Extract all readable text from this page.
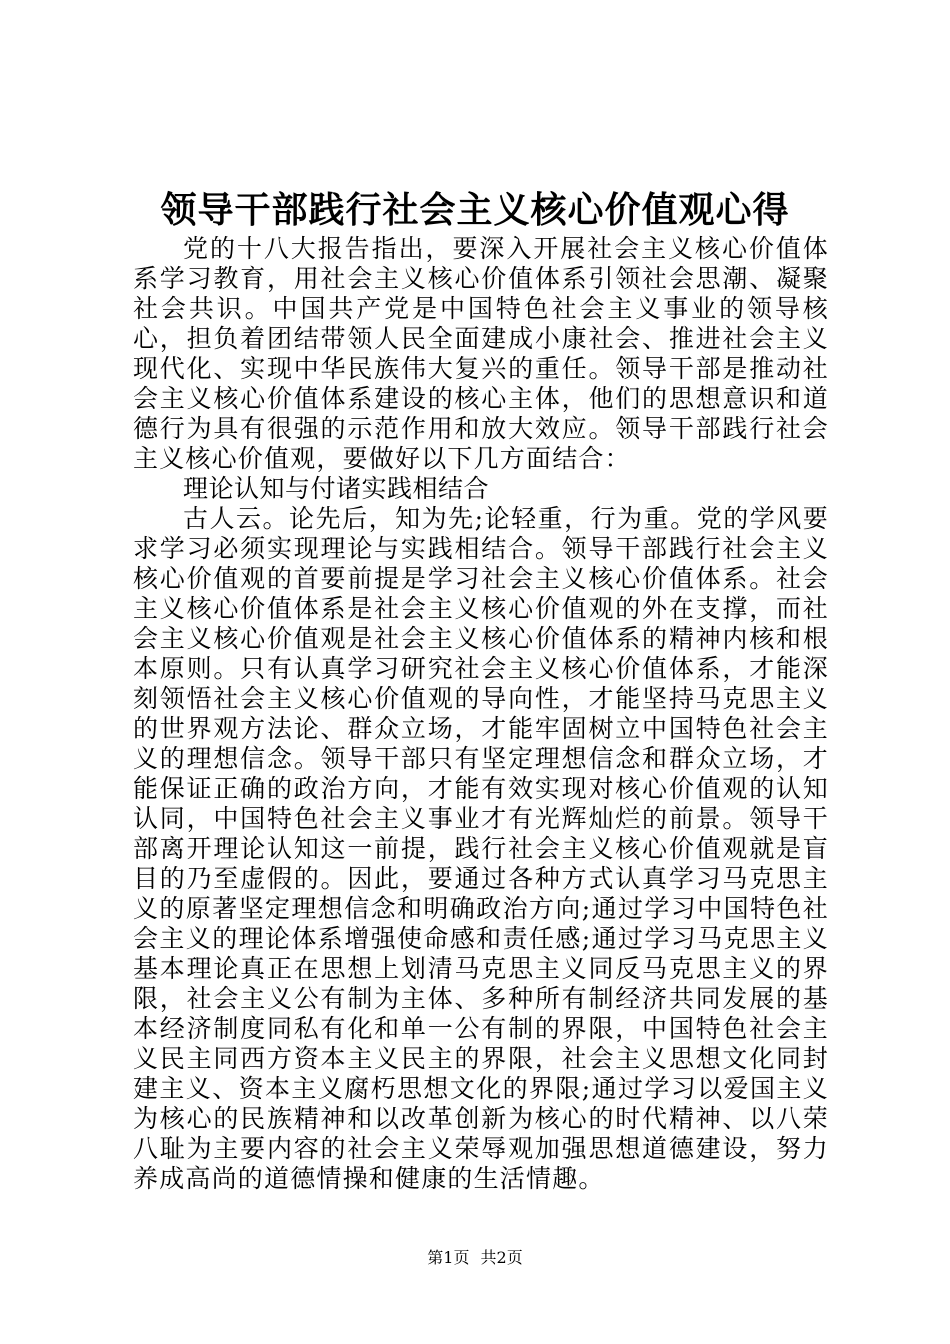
领导干部践行社会主义核心价值观心得

党的十八大报告指出，要深入开展社会主义核心价值体系学习教育，用社会主义核心价值体系引领社会思潮、凝聚社会共识。中国共产党是中国特色社会主义事业的领导核心，担负着团结带领人民全面建成小康社会、推进社会主义现代化、实现中华民族伟大复兴的重任。领导干部是推动社会主义核心价值体系建设的核心主体，他们的思想意识和道德行为具有很强的示范作用和放大效应。领导干部践行社会主义核心价值观，要做好以下几方面结合：

理论认知与付诸实践相结合

古人云。论先后，知为先;论轻重，行为重。党的学风要求学习必须实现理论与实践相结合。领导干部践行社会主义核心价值观的首要前提是学习社会主义核心价值体系。社会主义核心价值体系是社会主义核心价值观的外在支撑，而社会主义核心价值观是社会主义核心价值体系的精神内核和根本原则。只有认真学习研究社会主义核心价值体系，才能深刻领悟社会主义核心价值观的导向性，才能坚持马克思主义的世界观方法论、群众立场，才能牢固树立中国特色社会主义的理想信念。领导干部只有坚定理想信念和群众立场，才能保证正确的政治方向，才能有效实现对核心价值观的认知认同，中国特色社会主义事业才有光辉灿烂的前景。领导干部离开理论认知这一前提，践行社会主义核心价值观就是盲目的乃至虚假的。因此，要通过各种方式认真学习马克思主义的原著坚定理想信念和明确政治方向;通过学习中国特色社会主义的理论体系增强使命感和责任感;通过学习马克思主义基本理论真正在思想上划清马克思主义同反马克思主义的界限，社会主义公有制为主体、多种所有制经济共同发展的基本经济制度同私有化和单一公有制的界限，中国特色社会主义民主同西方资本主义民主的界限，社会主义思想文化同封建主义、资本主义腐朽思想文化的界限;通过学习以爱国主义为核心的民族精神和以改革创新为核心的时代精神、以八荣八耻为主要内容的社会主义荣辱观加强思想道德建设，努力养成高尚的道德情操和健康的生活情趣。

第1页 共2页
